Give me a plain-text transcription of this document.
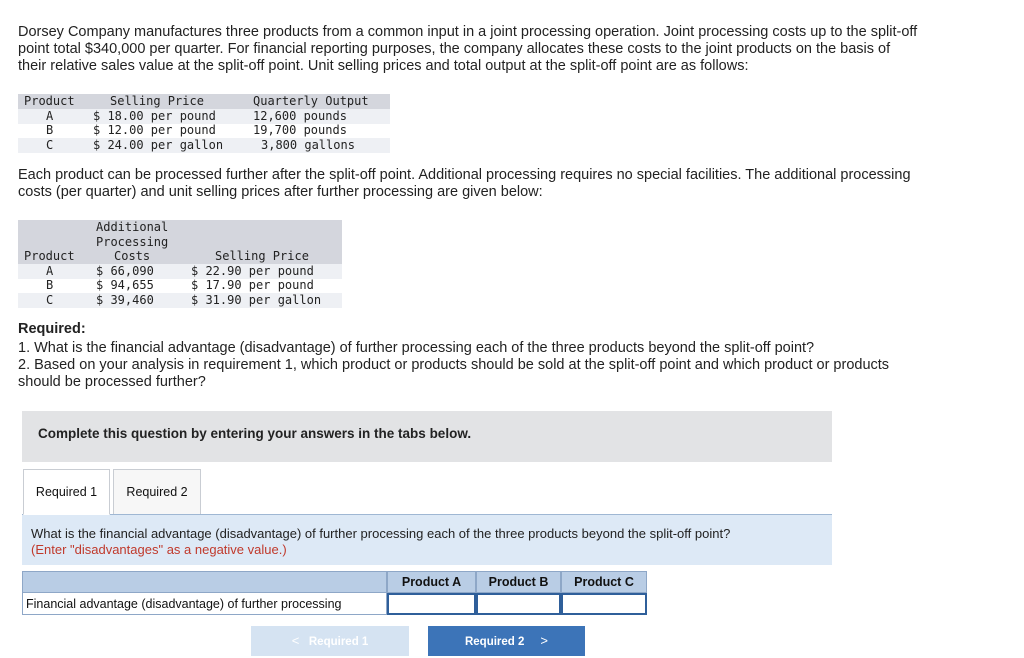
Dorsey Company manufactures three products from a common input in a joint processing operation. Joint processing costs up to the split-off point total $340,000 per quarter. For financial reporting purposes, the company allocates these costs to the joint products on the basis of their relative sales value at the split-off point. Unit selling prices and total output at the split-off point are as follows:

Product	Selling Price	Quarterly Output
A	$ 18.00 per pound	12,600 pounds
B	$ 12.00 per pound	19,700 pounds
C	$ 24.00 per gallon	3,800 gallons

Each product can be processed further after the split-off point. Additional processing requires no special facilities. The additional processing costs (per quarter) and unit selling prices after further processing are given below:

Additional
Processing
Product	Costs	Selling Price
A	$ 66,090	$ 22.90 per pound
B	$ 94,655	$ 17.90 per pound
C	$ 39,460	$ 31.90 per gallon

Required:

1. What is the financial advantage (disadvantage) of further processing each of the three products beyond the split-off point?

2. Based on your analysis in requirement 1, which product or products should be sold at the split-off point and which product or products should be processed further?

Complete this question by entering your answers in the tabs below.
Required 1	Required 2
What is the financial advantage (disadvantage) of further processing each of the three products beyond the split-off point?
(Enter "disadvantages" as a negative value.)
Product A	Product B	Product C
Financial advantage (disadvantage) of further processing
< Required 1	Required 2 >
